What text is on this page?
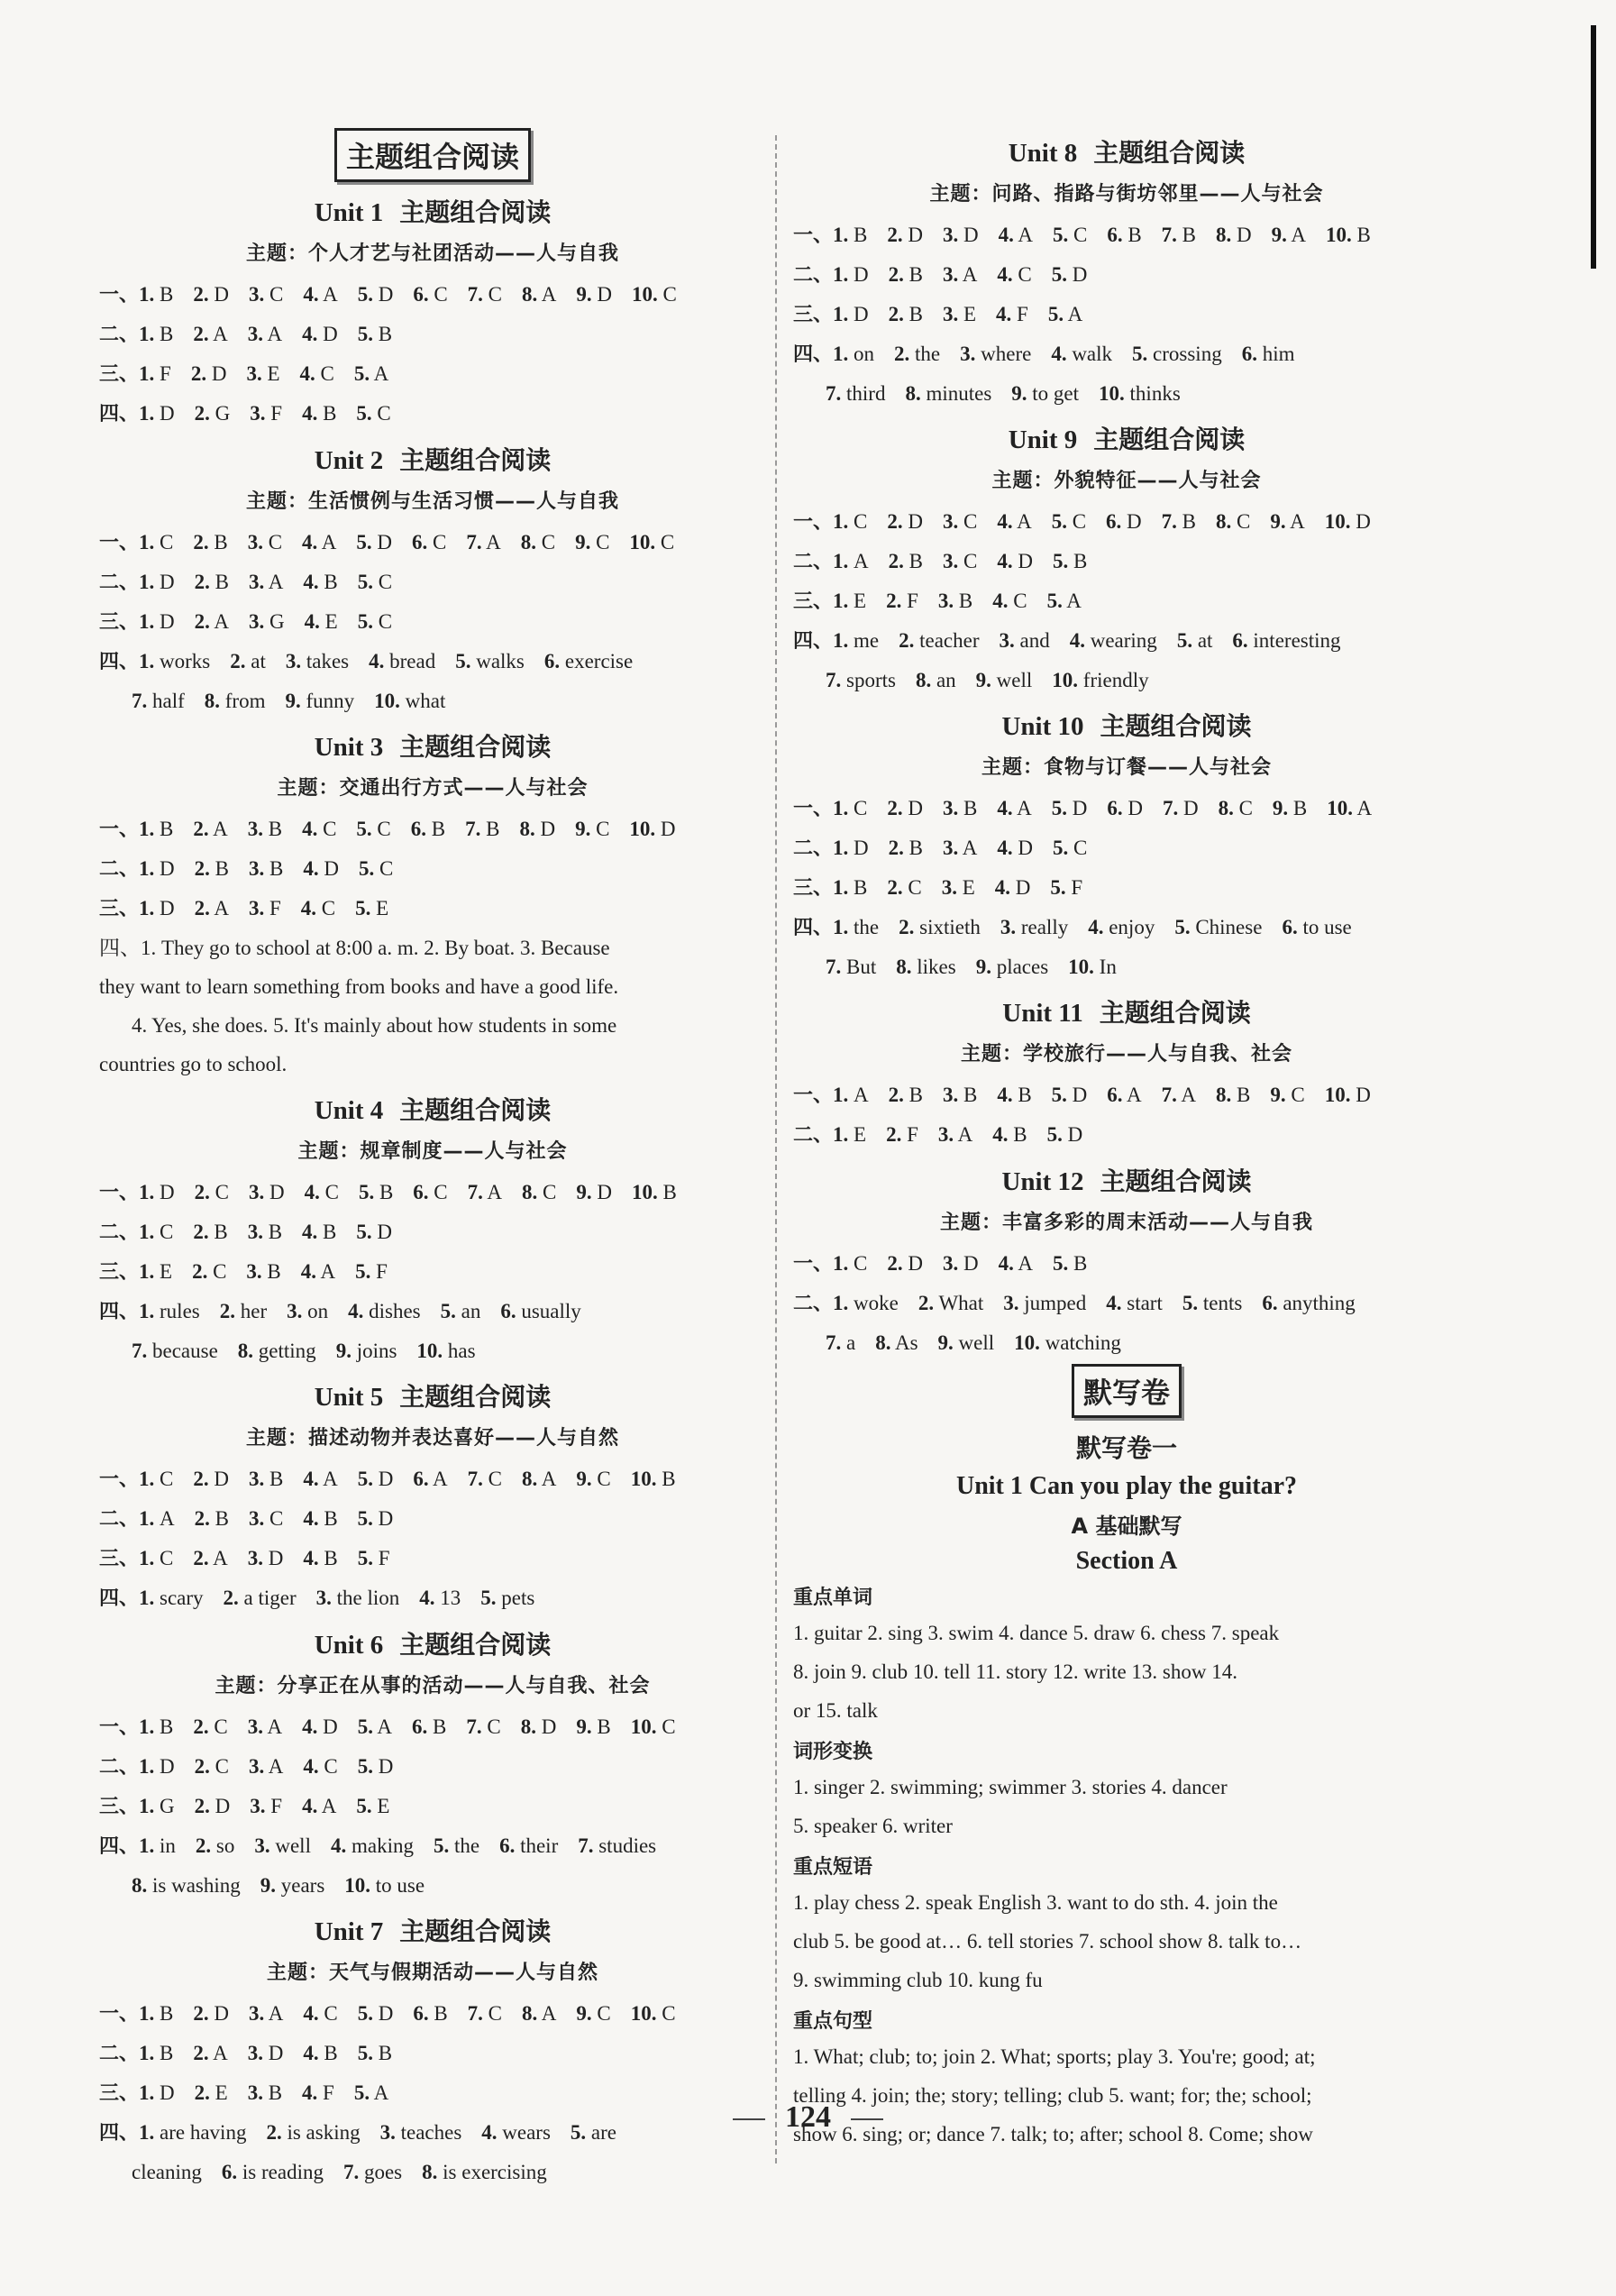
主题组合阅读
Unit 1 主题组合阅读
主题：个人才艺与社团活动——人与自我
一、1. B 2. D 3. C 4. A 5. D 6. C 7. C 8. A 9. D 10. C
二、1. B 2. A 3. A 4. D 5. B
三、1. F 2. D 3. E 4. C 5. A
四、1. D 2. G 3. F 4. B 5. C
Unit 2 主题组合阅读
主题：生活惯例与生活习惯——人与自我
一、1. C 2. B 3. C 4. A 5. D 6. C 7. A 8. C 9. C 10. C
二、1. D 2. B 3. A 4. B 5. C
三、1. D 2. A 3. G 4. E 5. C
四、1. works 2. at 3. takes 4. bread 5. walks 6. exercise
7. half 8. from 9. funny 10. what
Unit 3 主题组合阅读
主题：交通出行方式——人与社会
一、1. B 2. A 3. B 4. C 5. C 6. B 7. B 8. D 9. C 10. D
二、1. D 2. B 3. B 4. D 5. C
三、1. D 2. A 3. F 4. C 5. E
四、1. They go to school at 8:00 a. m. 2. By boat. 3. Because
they want to learn something from books and have a good life.
4. Yes, she does. 5. It's mainly about how students in some
countries go to school.
Unit 4 主题组合阅读
主题：规章制度——人与社会
一、1. D 2. C 3. D 4. C 5. B 6. C 7. A 8. C 9. D 10. B
二、1. C 2. B 3. B 4. B 5. D
三、1. E 2. C 3. B 4. A 5. F
四、1. rules 2. her 3. on 4. dishes 5. an 6. usually
7. because 8. getting 9. joins 10. has
Unit 5 主题组合阅读
主题：描述动物并表达喜好——人与自然
一、1. C 2. D 3. B 4. A 5. D 6. A 7. C 8. A 9. C 10. B
二、1. A 2. B 3. C 4. B 5. D
三、1. C 2. A 3. D 4. B 5. F
四、1. scary 2. a tiger 3. the lion 4. 13 5. pets
Unit 6 主题组合阅读
主题：分享正在从事的活动——人与自我、社会
一、1. B 2. C 3. A 4. D 5. A 6. B 7. C 8. D 9. B 10. C
二、1. D 2. C 3. A 4. C 5. D
三、1. G 2. D 3. F 4. A 5. E
四、1. in 2. so 3. well 4. making 5. the 6. their 7. studies
8. is washing 9. years 10. to use
Unit 7 主题组合阅读
主题：天气与假期活动——人与自然
一、1. B 2. D 3. A 4. C 5. D 6. B 7. C 8. A 9. C 10. C
二、1. B 2. A 3. D 4. B 5. B
三、1. D 2. E 3. B 4. F 5. A
四、1. are having 2. is asking 3. teaches 4. wears 5. are
cleaning 6. is reading 7. goes 8. is exercising
Unit 8 主题组合阅读
主题：问路、指路与街坊邻里——人与社会
一、1. B 2. D 3. D 4. A 5. C 6. B 7. B 8. D 9. A 10. B
二、1. D 2. B 3. A 4. C 5. D
三、1. D 2. B 3. E 4. F 5. A
四、1. on 2. the 3. where 4. walk 5. crossing 6. him
7. third 8. minutes 9. to get 10. thinks
Unit 9 主题组合阅读
主题：外貌特征——人与社会
一、1. C 2. D 3. C 4. A 5. C 6. D 7. B 8. C 9. A 10. D
二、1. A 2. B 3. C 4. D 5. B
三、1. E 2. F 3. B 4. C 5. A
四、1. me 2. teacher 3. and 4. wearing 5. at 6. interesting
7. sports 8. an 9. well 10. friendly
Unit 10 主题组合阅读
主题：食物与订餐——人与社会
一、1. C 2. D 3. B 4. A 5. D 6. D 7. D 8. C 9. B 10. A
二、1. D 2. B 3. A 4. D 5. C
三、1. B 2. C 3. E 4. D 5. F
四、1. the 2. sixtieth 3. really 4. enjoy 5. Chinese 6. to use
7. But 8. likes 9. places 10. In
Unit 11 主题组合阅读
主题：学校旅行——人与自我、社会
一、1. A 2. B 3. B 4. B 5. D 6. A 7. A 8. B 9. C 10. D
二、1. E 2. F 3. A 4. B 5. D
Unit 12 主题组合阅读
主题：丰富多彩的周末活动——人与自我
一、1. C 2. D 3. D 4. A 5. B
二、1. woke 2. What 3. jumped 4. start 5. tents 6. anything
7. a 8. As 9. well 10. watching
默写卷
默写卷一
Unit 1 Can you play the guitar?
A 基础默写
Section A
重点单词
1. guitar 2. sing 3. swim 4. dance 5. draw 6. chess 7. speak
8. join 9. club 10. tell 11. story 12. write 13. show 14.
or 15. talk
词形变换
1. singer 2. swimming; swimmer 3. stories 4. dancer
5. speaker 6. writer
重点短语
1. play chess 2. speak English 3. want to do sth. 4. join the
club 5. be good at… 6. tell stories 7. school show 8. talk to…
9. swimming club 10. kung fu
重点句型
1. What; club; to; join 2. What; sports; play 3. You're; good; at;
telling 4. join; the; story; telling; club 5. want; for; the; school;
show 6. sing; or; dance 7. talk; to; after; school 8. Come; show
124
